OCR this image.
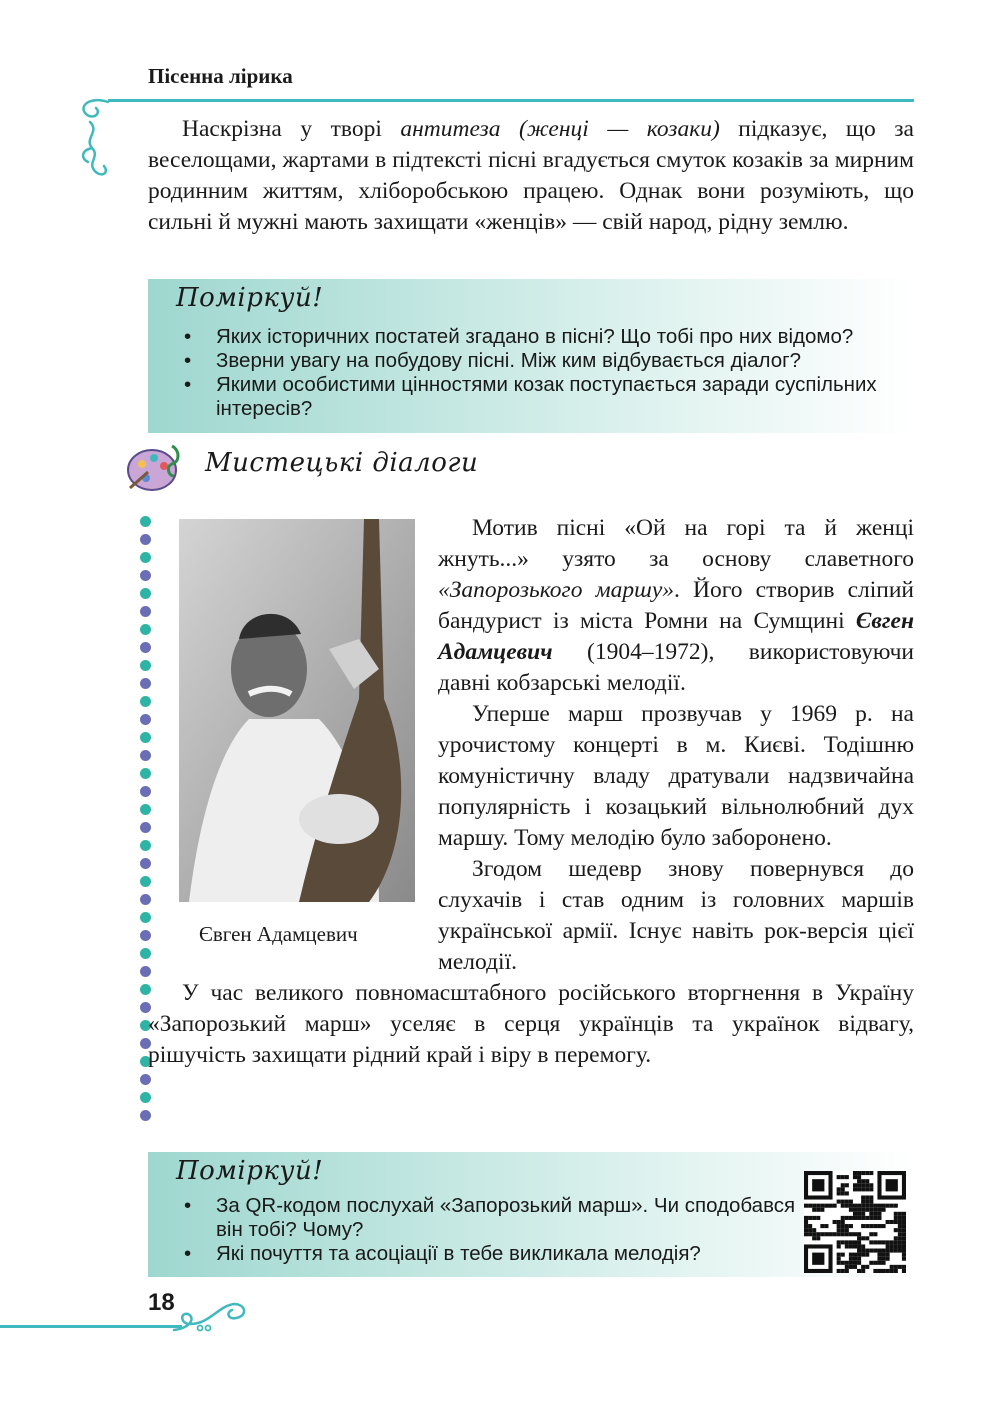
Пісенна лірика

Наскрізна у творі антитеза (женці — козаки) підказує, що за веселощами, жартами в підтексті пісні вгадується смуток козаків за мирним родинним життям, хліборобською працею. Однак вони розуміють, що сильні й мужні мають захищати «женців» — свій народ, рідну землю.

Поміркуй!
• Яких історичних постатей згадано в пісні? Що тобі про них відомо?
• Зверни увагу на побудову пісні. Між ким відбувається діалог?
• Якими особистими цінностями козак поступається заради суспільних інтересів?
Мистецькі діалоги
Євген Адамцевич

Мотив пісні «Ой на горі та й женці жнуть...» узято за основу славетного «Запорозького маршу». Його створив сліпий бандурист із міста Ромни на Сумщині Євген Адамцевич (1904–1972), використовуючи давні кобзарські мелодії.

Уперше марш прозвучав у 1969 р. на урочистому концерті в м. Києві. Тодішню комуністичну владу дратували надзвичайна популярність і козацький вільнолюбний дух маршу. Тому мелодію було заборонено.

Згодом шедевр знову повернувся до слухачів і став одним із головних маршів української армії. Існує навіть рок-версія цієї мелодії.

У час великого повномасштабного російського вторгнення в Україну «Запорозький марш» уселяє в серця українців та українок відвагу, рішучість захищати рідний край і віру в перемогу.

Поміркуй!
• За QR-кодом послухай «Запорозький марш». Чи сподобався він тобі? Чому?
• Які почуття та асоціації в тебе викликала мелодія?
18
